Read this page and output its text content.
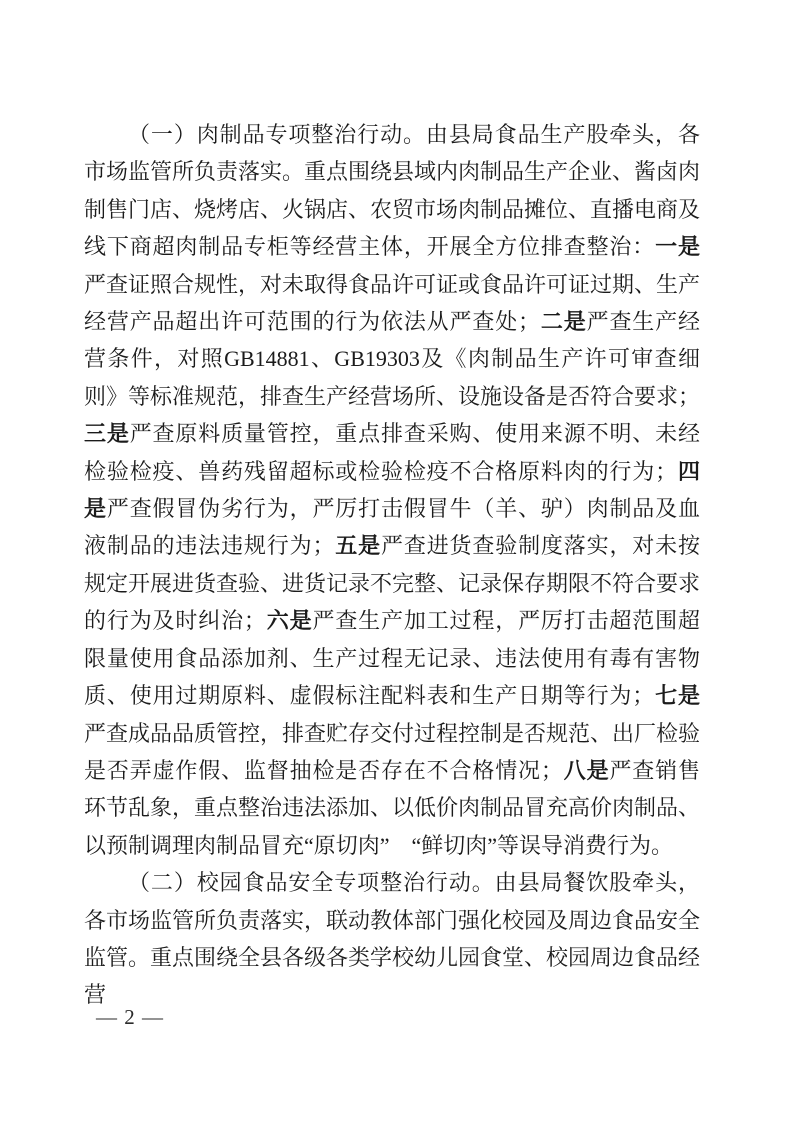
（一）肉制品专项整治行动。由县局食品生产股牵头，各市场监管所负责落实。重点围绕县域内肉制品生产企业、酱卤肉制售门店、烧烤店、火锅店、农贸市场肉制品摊位、直播电商及线下商超肉制品专柜等经营主体，开展全方位排查整治：一是严查证照合规性，对未取得食品许可证或食品许可证过期、生产经营产品超出许可范围的行为依法从严查处；二是严查生产经营条件，对照GB14881、GB19303及《肉制品生产许可审查细则》等标准规范，排查生产经营场所、设施设备是否符合要求；三是严查原料质量管控，重点排查采购、使用来源不明、未经检验检疫、兽药残留超标或检验检疫不合格原料肉的行为；四是严查假冒伪劣行为，严厉打击假冒牛（羊、驴）肉制品及血液制品的违法违规行为；五是严查进货查验制度落实，对未按规定开展进货查验、进货记录不完整、记录保存期限不符合要求的行为及时纠治；六是严查生产加工过程，严厉打击超范围超限量使用食品添加剂、生产过程无记录、违法使用有毒有害物质、使用过期原料、虚假标注配料表和生产日期等行为；七是严查成品品质管控，排查贮存交付过程控制是否规范、出厂检验是否弄虚作假、监督抽检是否存在不合格情况；八是严查销售环节乱象，重点整治违法添加、以低价肉制品冒充高价肉制品、以预制调理肉制品冒充“原切肉”　“鲜切肉”等误导消费行为。

（二）校园食品安全专项整治行动。由县局餐饮股牵头，各市场监管所负责落实，联动教体部门强化校园及周边食品安全监管。重点围绕全县各级各类学校幼儿园食堂、校园周边食品经营

— 2 —
